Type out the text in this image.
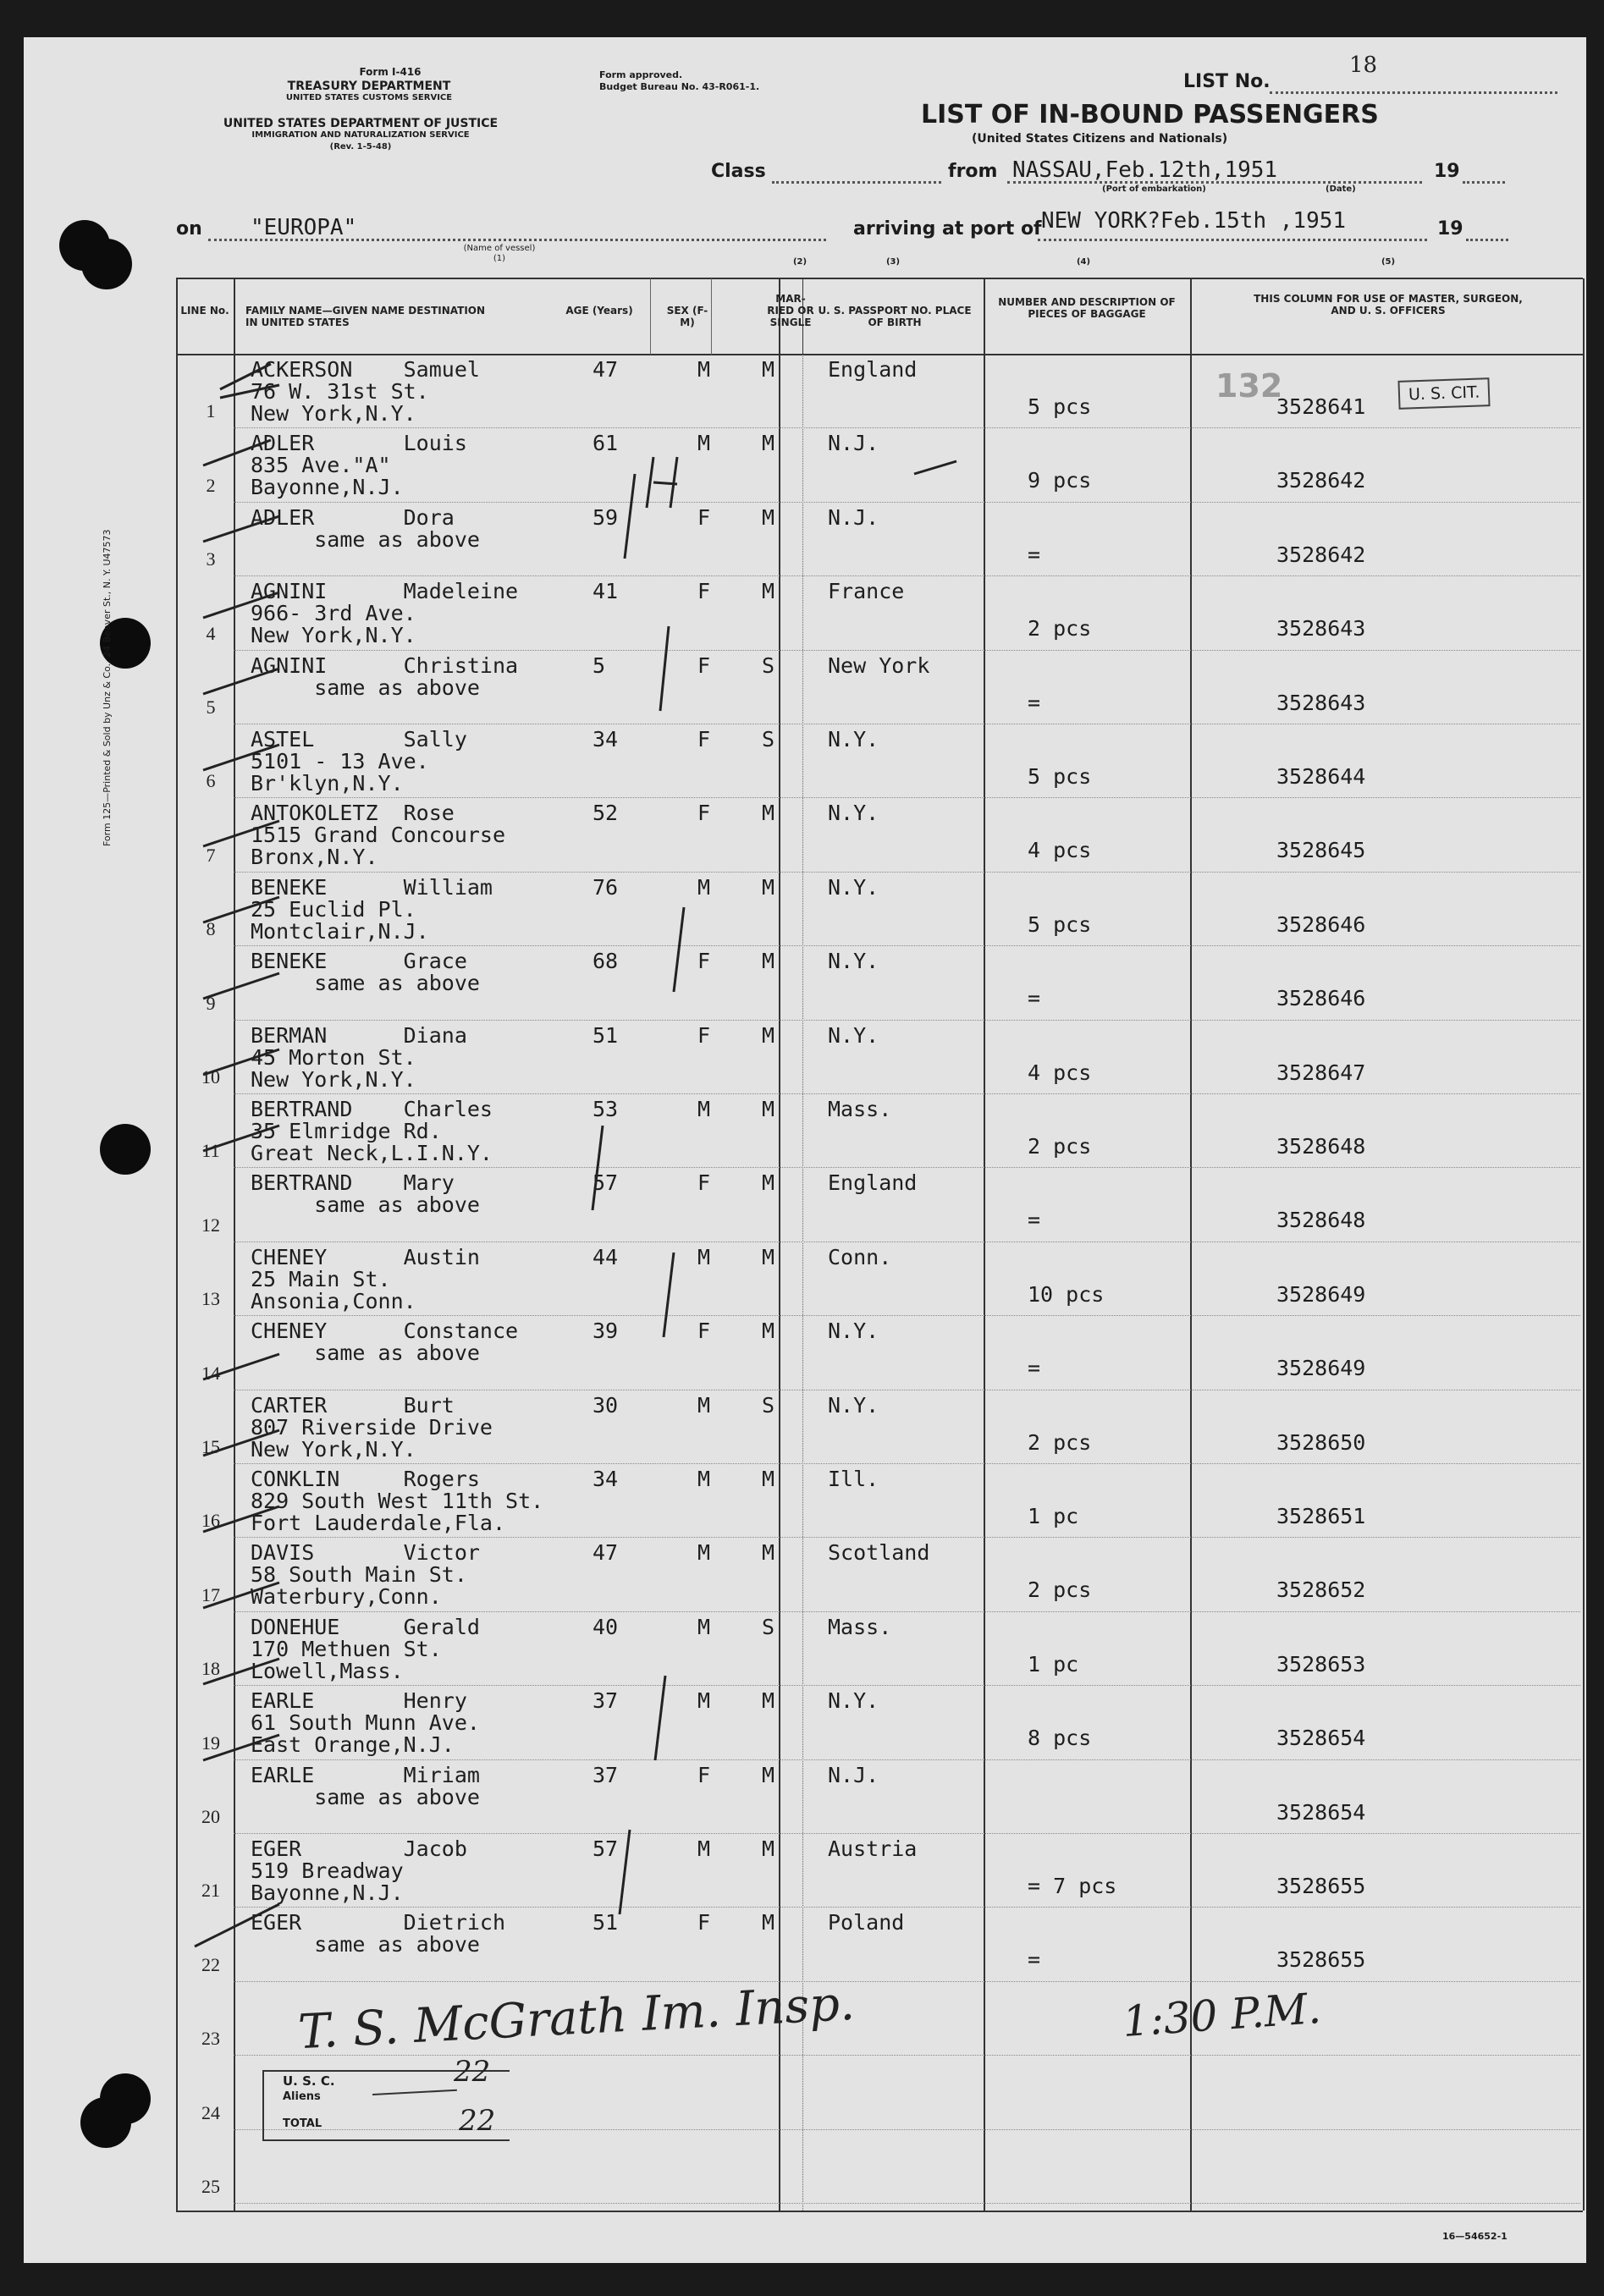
Form 125—Printed & Sold by Unz & Co., 24 Beaver St., N. Y. U47573
Form I-416
TREASURY DEPARTMENT
UNITED STATES CUSTOMS SERVICE
UNITED STATES DEPARTMENT OF JUSTICE
IMMIGRATION AND NATURALIZATION SERVICE
(Rev. 1-5-48)
Form approved.
Budget Bureau No. 43-R061-1.	LIST No.
18
LIST OF IN-BOUND PASSENGERS
(United States Citizens and Nationals)
Class	from NASSAU,Feb.12th,1951	19
(Port of embarkation)	(Date)
on "EUROPA"
(Name of vessel)
(1)
arriving at port of NEW YORK?Feb.15th ,1951	19
(2)	(3)	(4)	(5)
LINE No.	FAMILY NAME—GIVEN NAME DESTINATION IN UNITED STATES
AGE (Years)	SEX (F-M)
MAR-RIED OR SINGLE
U. S. PASSPORT NO. PLACE OF BIRTH
NUMBER AND DESCRIPTION OF PIECES OF BAGGAGE
THIS COLUMN FOR USE OF MASTER, SURGEON, AND U. S. OFFICERS
1
ACKERSON    Samuel	47	M M	England
76 W. 31st St.
New York,N.Y.	5 pcs	3528641
2
ADLER       Louis	61	M M	N.J.
835 Ave."A"
Bayonne,N.J.	9 pcs	3528642
3
ADLER       Dora	59	F M	N.J.
same as above
=	3528642
4
AGNINI      Madeleine	41	F M	France
966- 3rd Ave.
New York,N.Y.	2 pcs	3528643
5
AGNINI      Christina	5	F S	New York
same as above
=	3528643
6
ASTEL       Sally	34	F S	N.Y.
5101 - 13 Ave.
Br'klyn,N.Y.	5 pcs	3528644
7
ANTOKOLETZ  Rose	52	F M	N.Y.
1515 Grand Concourse
Bronx,N.Y.	4 pcs	3528645
8
BENEKE      William	76	M M	N.Y.
25 Euclid Pl.
Montclair,N.J.	5 pcs	3528646
9
BENEKE      Grace	68	F M	N.Y.
same as above
=	3528646
10
BERMAN      Diana	51	F M	N.Y.
45 Morton St.
New York,N.Y.	4 pcs	3528647
11
BERTRAND    Charles	53	M M	Mass.
35 Elmridge Rd.
Great Neck,L.I.N.Y.	2 pcs	3528648
12
BERTRAND    Mary	57	F M	England
same as above
=	3528648
13
CHENEY      Austin	44	M M	Conn.
25 Main St.
Ansonia,Conn.	10 pcs	3528649
14
CHENEY      Constance	39	F M	N.Y.
same as above
=	3528649
15
CARTER      Burt	30	M S	N.Y.
807 Riverside Drive
New York,N.Y.	2 pcs	3528650
16
CONKLIN     Rogers	34	M M	Ill.
829 South West 11th St.
Fort Lauderdale,Fla.	1 pc	3528651
17
DAVIS       Victor	47	M M	Scotland
58 South Main St.
Waterbury,Conn.	2 pcs	3528652
18
DONEHUE     Gerald	40	M S	Mass.
170 Methuen St.
Lowell,Mass.	1 pc	3528653
19
EARLE       Henry	37	M M	N.Y.
61 South Munn Ave.
East Orange,N.J.	8 pcs	3528654
20
EARLE       Miriam	37	F M	N.J.
same as above
3528654
21
EGER        Jacob	57	M M	Austria
519 Breadway
Bayonne,N.J.	= 7 pcs	3528655
22
EGER        Dietrich	51	F M	Poland
same as above
=	3528655
23
24
25
U. S. CIT.
132
U. S. C.
Aliens
TOTAL
22
22
T. S. McGrath Im. Insp.	1:30 P.M.
16—54652-1
